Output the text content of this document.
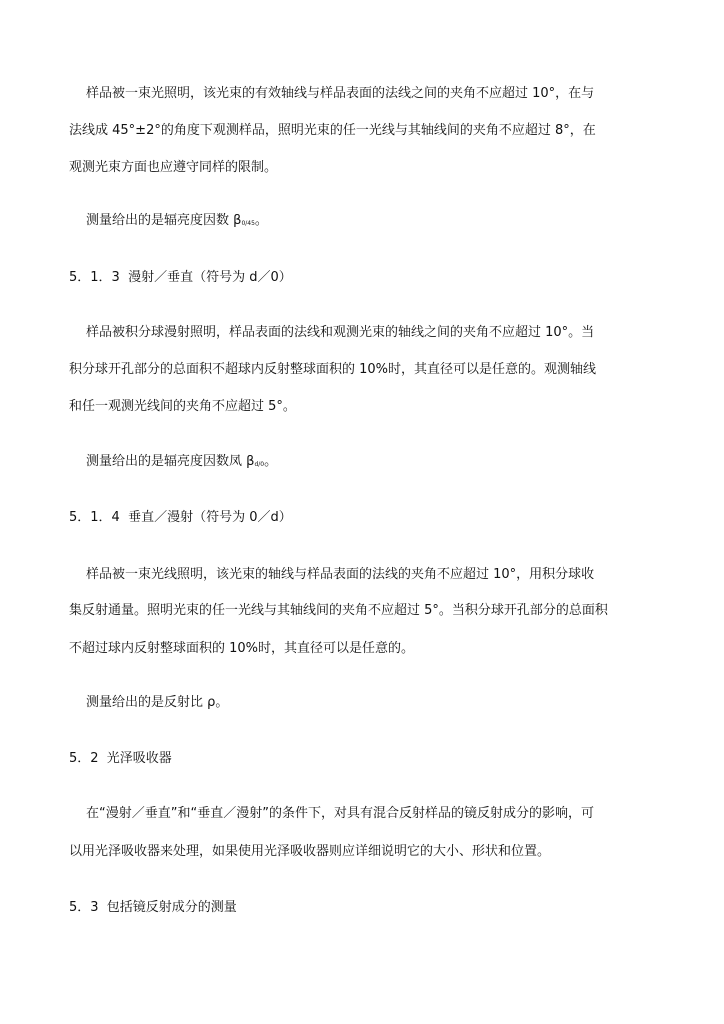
样品被一束光照明，该光束的有效轴线与样品表面的法线之间的夹角不应超过 10°，在与
法线成 45°±2°的角度下观测样品，照明光束的任一光线与其轴线间的夹角不应超过 8°，在
观测光束方面也应遵守同样的限制。
测量给出的是辐亮度因数 $\beta_{0/45}$。
5．1．3  漫射／垂直（符号为 d／0）
样品被积分球漫射照明，样品表面的法线和观测光束的轴线之间的夹角不应超过 10°。当
积分球开孔部分的总面积不超球内反射整球面积的 10%时，其直径可以是任意的。观测轴线
和任一观测光线间的夹角不应超过 5°。
测量给出的是辐亮度因数凤 $\beta_{d/0}$。
5．1．4  垂直／漫射（符号为 0／d）
样品被一束光线照明，该光束的轴线与样品表面的法线的夹角不应超过 10°，用积分球收
集反射通量。照明光束的任一光线与其轴线间的夹角不应超过 5°。当积分球开孔部分的总面积
不超过球内反射整球面积的 10%时，其直径可以是任意的。
测量给出的是反射比 ρ。
5．2  光泽吸收器
在“漫射／垂直”和“垂直／漫射”的条件下，对具有混合反射样品的镜反射成分的影响，可
以用光泽吸收器来处理，如果使用光泽吸收器则应详细说明它的大小、形状和位置。
5．3  包括镜反射成分的测量
